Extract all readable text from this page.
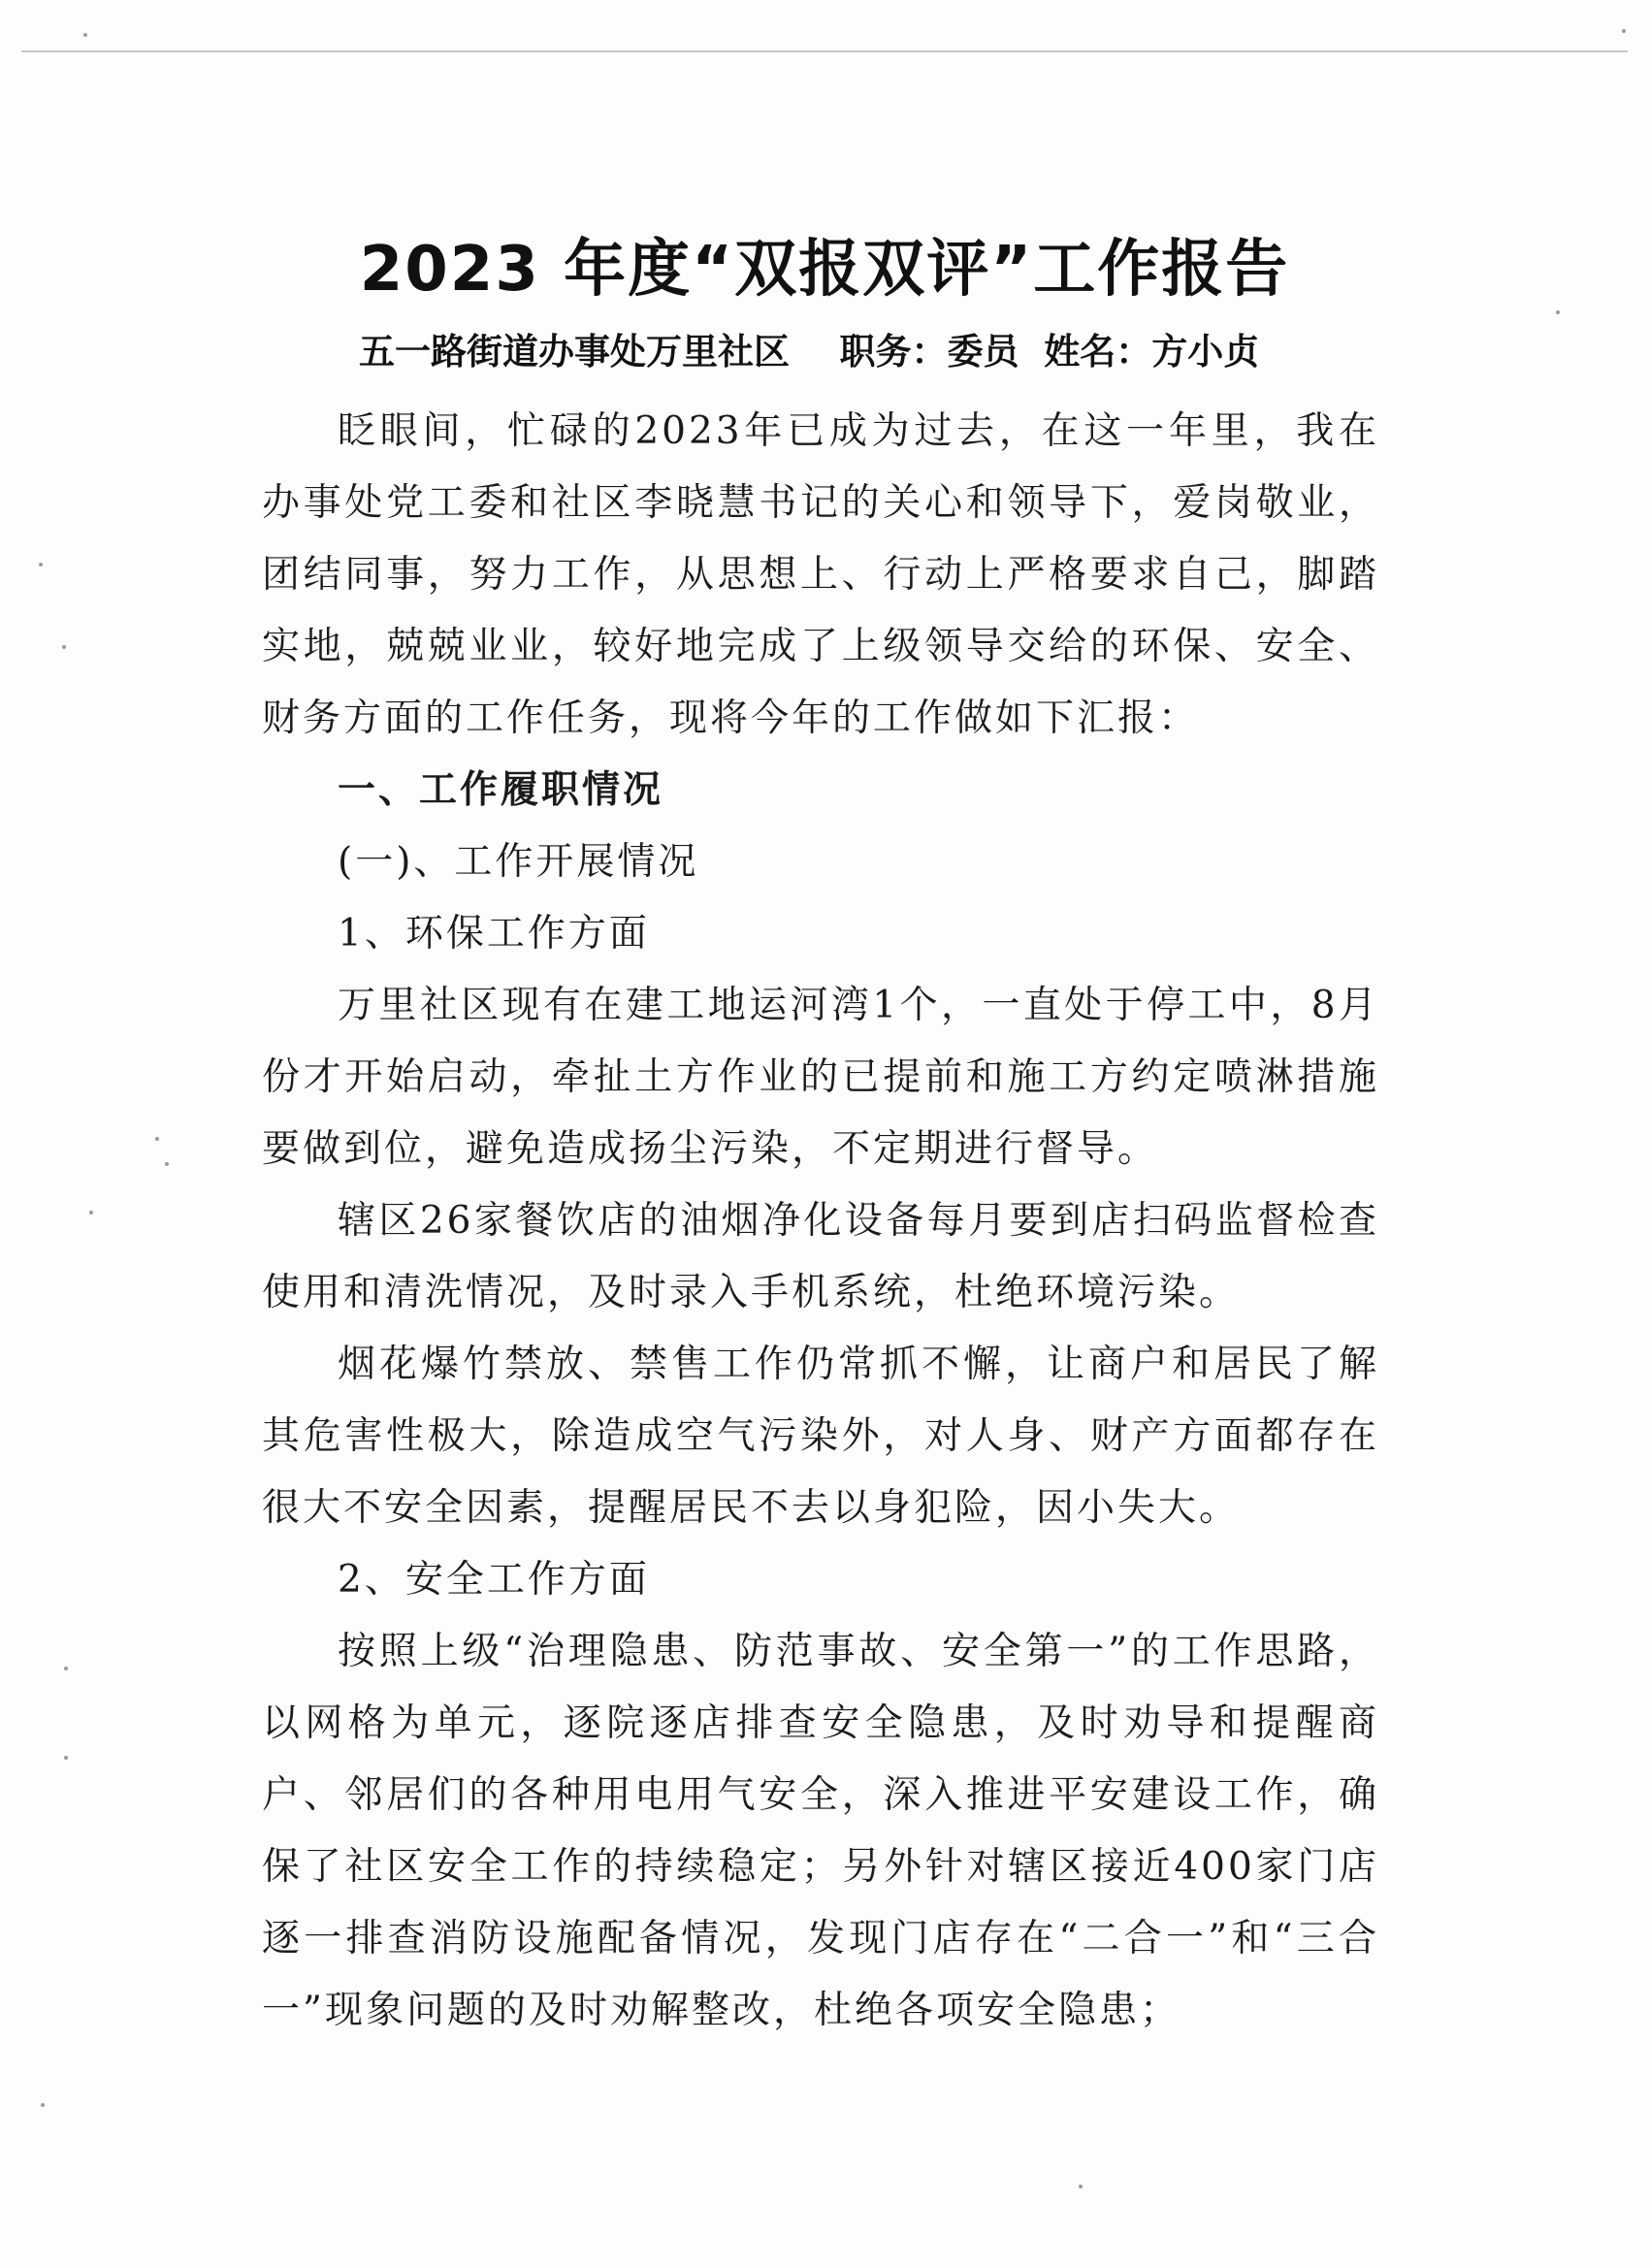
2023 年度“双报双评”工作报告
五一路街道办事处万里社区 职务：委员 姓名：方小贞

眨眼间，忙碌的2023年已成为过去，在这一年里，我在办事处党工委和社区李晓慧书记的关心和领导下，爱岗敬业，团结同事，努力工作，从思想上、行动上严格要求自己，脚踏实地，兢兢业业，较好地完成了上级领导交给的环保、安全、财务方面的工作任务，现将今年的工作做如下汇报：

一、工作履职情况

(一)、工作开展情况

1、环保工作方面

万里社区现有在建工地运河湾1个，一直处于停工中，8月份才开始启动，牵扯土方作业的已提前和施工方约定喷淋措施要做到位，避免造成扬尘污染，不定期进行督导。

辖区26家餐饮店的油烟净化设备每月要到店扫码监督检查使用和清洗情况，及时录入手机系统，杜绝环境污染。

烟花爆竹禁放、禁售工作仍常抓不懈，让商户和居民了解其危害性极大，除造成空气污染外，对人身、财产方面都存在很大不安全因素，提醒居民不去以身犯险，因小失大。

2、安全工作方面

按照上级“治理隐患、防范事故、安全第一”的工作思路，以网格为单元，逐院逐店排查安全隐患，及时劝导和提醒商户、邻居们的各种用电用气安全，深入推进平安建设工作，确保了社区安全工作的持续稳定；另外针对辖区接近400家门店逐一排查消防设施配备情况，发现门店存在“二合一”和“三合一”现象问题的及时劝解整改，杜绝各项安全隐患；
